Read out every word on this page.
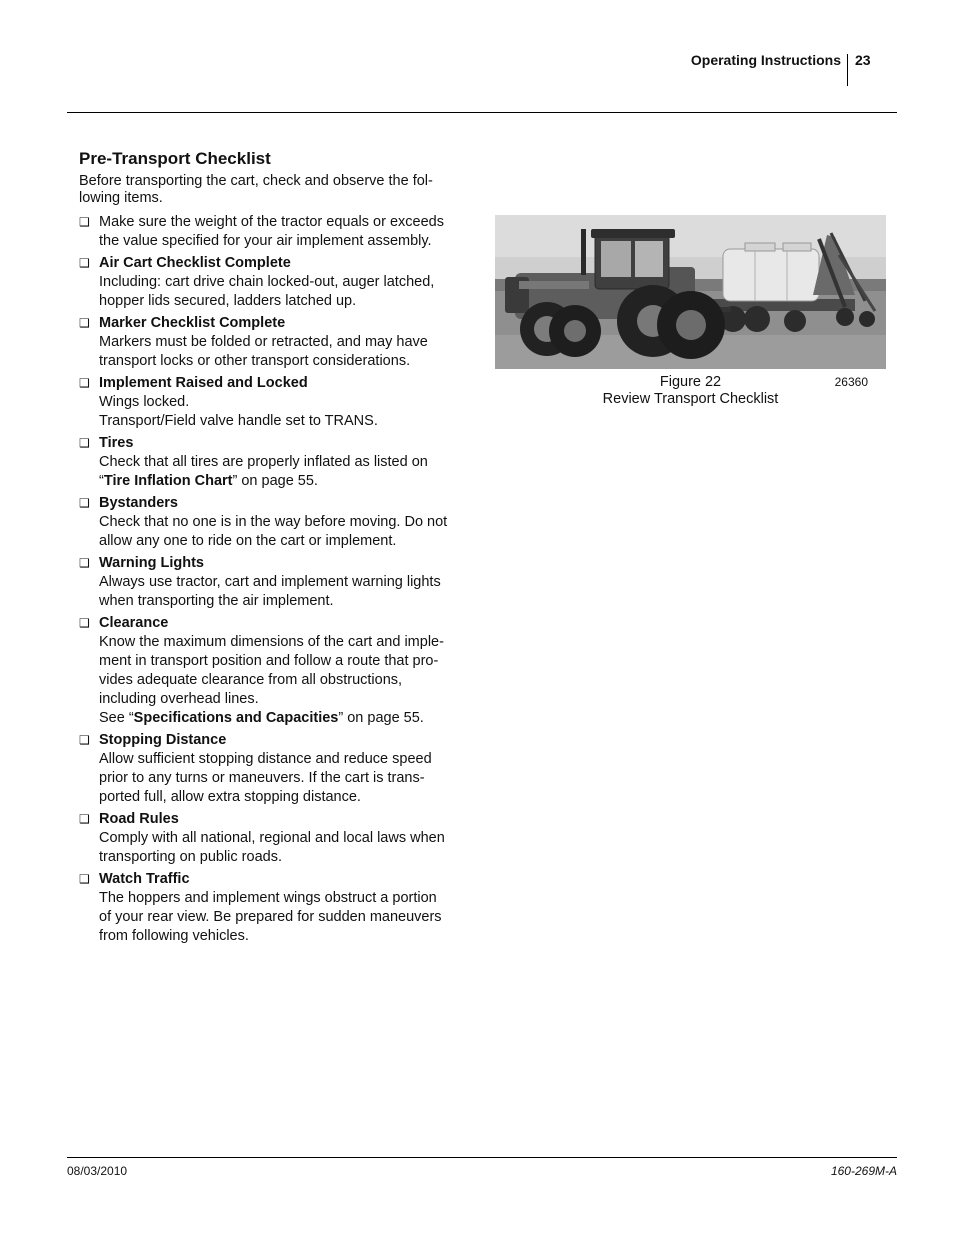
Operating Instructions 23
Pre-Transport Checklist
Before transporting the cart, check and observe the fol-
lowing items.
❑ Make sure the weight of the tractor equals or exceeds
the value specified for your air implement assembly.
❑ Air Cart Checklist Complete
Including: cart drive chain locked-out, auger latched,
hopper lids secured, ladders latched up.
❑ Marker Checklist Complete
Markers must be folded or retracted, and may have
transport locks or other transport considerations.
❑ Implement Raised and Locked
Wings locked.
Transport/Field valve handle set to TRANS.
❑ Tires
Check that all tires are properly inflated as listed on
“Tire Inflation Chart” on page 55.
❑ Bystanders
Check that no one is in the way before moving. Do not
allow any one to ride on the cart or implement.
❑ Warning Lights
Always use tractor, cart and implement warning lights
when transporting the air implement.
❑ Clearance
Know the maximum dimensions of the cart and imple-
ment in transport position and follow a route that pro-
vides adequate clearance from all obstructions,
including overhead lines.
See “Specifications and Capacities” on page 55.
❑ Stopping Distance
Allow sufficient stopping distance and reduce speed
prior to any turns or maneuvers. If the cart is trans-
ported full, allow extra stopping distance.
❑ Road Rules
Comply with all national, regional and local laws when
transporting on public roads.
❑ Watch Traffic
The hoppers and implement wings obstruct a portion
of your rear view. Be prepared for sudden maneuvers
from following vehicles.
Figure 22
Review Transport Checklist
26360
08/03/2010	160-269M-A
